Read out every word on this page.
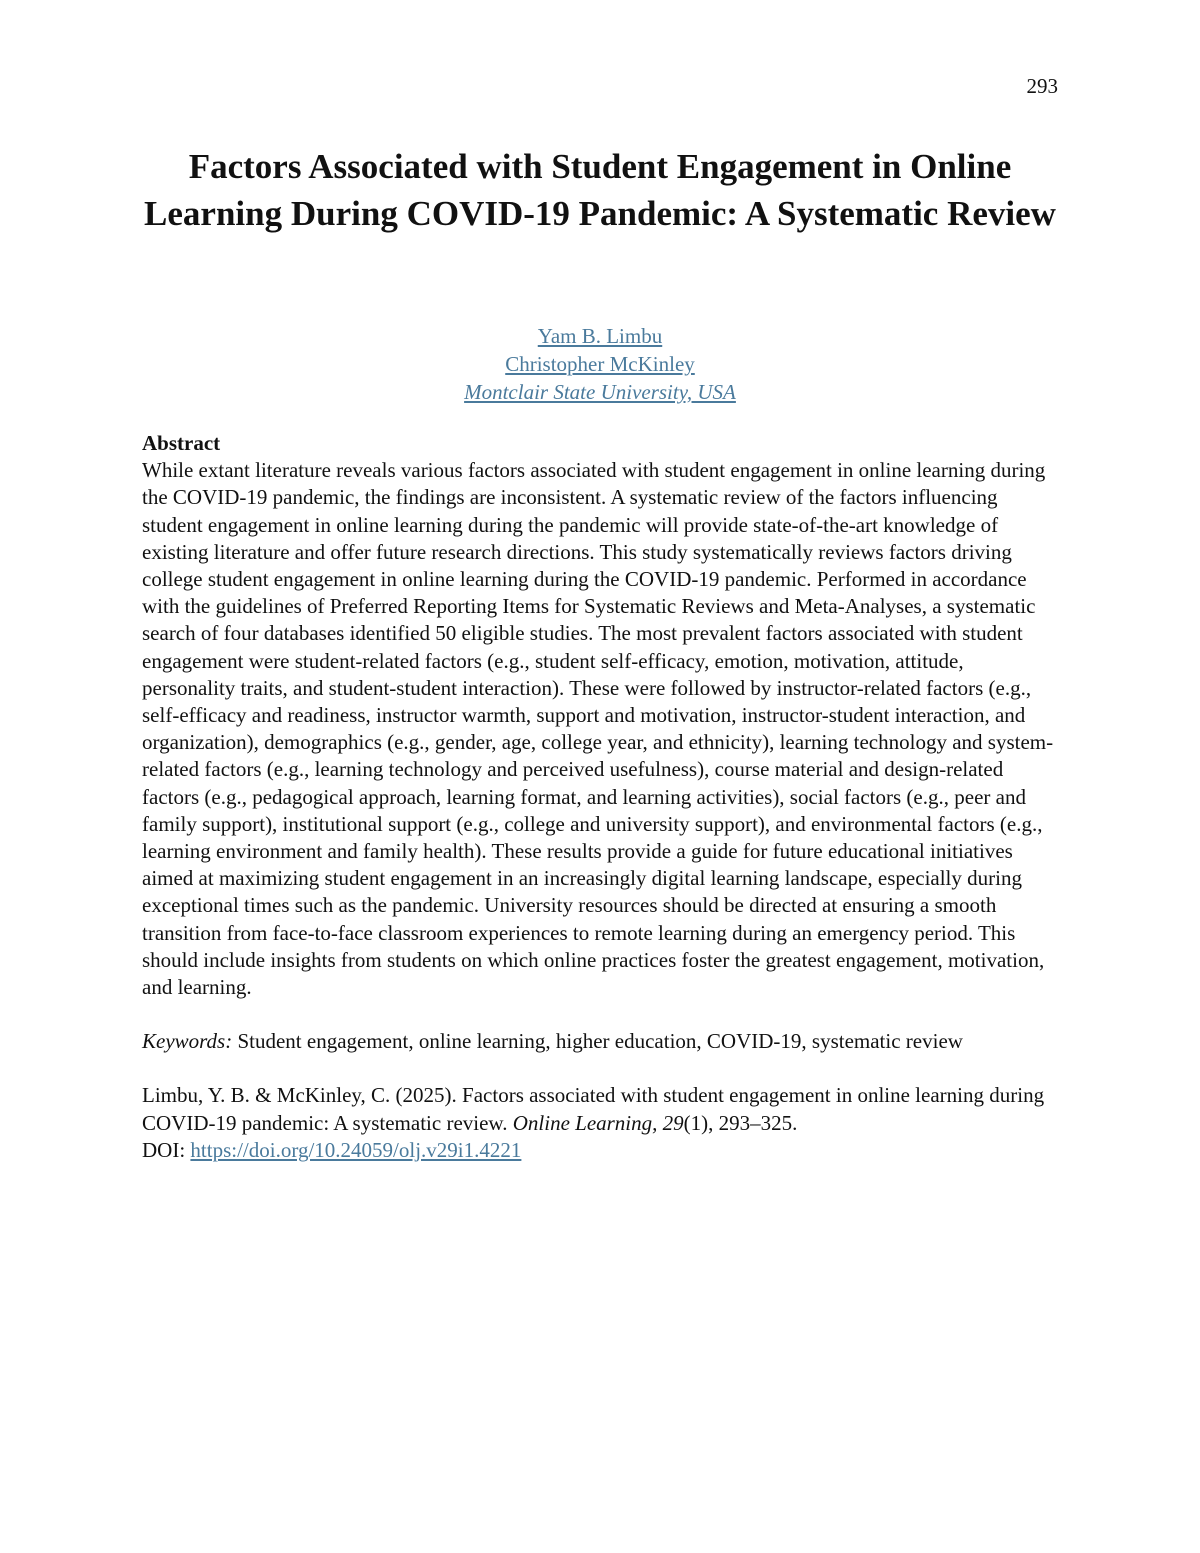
293
Factors Associated with Student Engagement in Online Learning During COVID-19 Pandemic: A Systematic Review
Yam B. Limbu
Christopher McKinley
Montclair State University, USA

Abstract

While extant literature reveals various factors associated with student engagement in online learning during the COVID-19 pandemic, the findings are inconsistent. A systematic review of the factors influencing student engagement in online learning during the pandemic will provide state-of-the-art knowledge of existing literature and offer future research directions. This study systematically reviews factors driving college student engagement in online learning during the COVID-19 pandemic. Performed in accordance with the guidelines of Preferred Reporting Items for Systematic Reviews and Meta-Analyses, a systematic search of four databases identified 50 eligible studies. The most prevalent factors associated with student engagement were student-related factors (e.g., student self-efficacy, emotion, motivation, attitude, personality traits, and student-student interaction). These were followed by instructor-related factors (e.g., self-efficacy and readiness, instructor warmth, support and motivation, instructor-student interaction, and organization), demographics (e.g., gender, age, college year, and ethnicity), learning technology and system-related factors (e.g., learning technology and perceived usefulness), course material and design-related factors (e.g., pedagogical approach, learning format, and learning activities), social factors (e.g., peer and family support), institutional support (e.g., college and university support), and environmental factors (e.g., learning environment and family health). These results provide a guide for future educational initiatives aimed at maximizing student engagement in an increasingly digital learning landscape, especially during exceptional times such as the pandemic. University resources should be directed at ensuring a smooth transition from face-to-face classroom experiences to remote learning during an emergency period. This should include insights from students on which online practices foster the greatest engagement, motivation, and learning.

Keywords: Student engagement, online learning, higher education, COVID-19, systematic review

Limbu, Y. B. & McKinley, C. (2025). Factors associated with student engagement in online learning during COVID-19 pandemic: A systematic review. Online Learning, 29(1), 293–325.
DOI: https://doi.org/10.24059/olj.v29i1.4221
